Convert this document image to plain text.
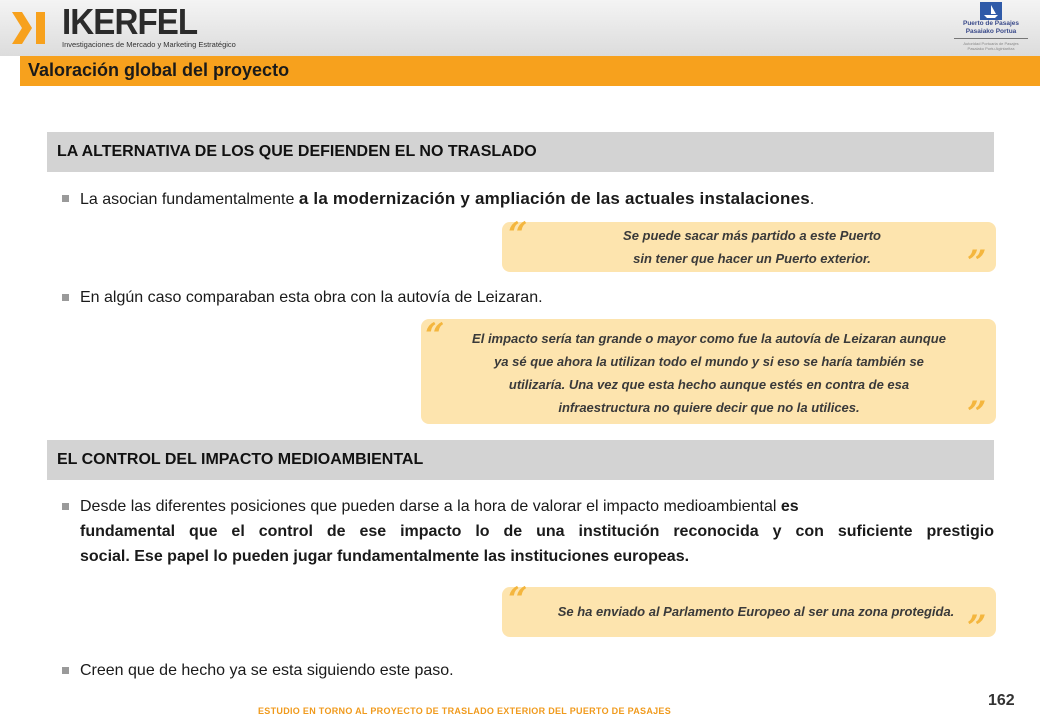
IKERFEL
Investigaciones de Mercado y Marketing Estratégico
Puerto de Pasajes
Pasaiako Portua
Autoridad Portuaria de Pasajes
Pasaiako Portu Agintaritza
Valoración global del proyecto
LA ALTERNATIVA DE LOS QUE DEFIENDEN EL NO TRASLADO
La asocian fundamentalmente a la modernización y ampliación de las actuales instalaciones.
“
”
Se puede sacar más partido a este Puerto
sin tener que hacer un Puerto exterior.
En algún caso comparaban esta obra con la autovía de Leizaran.
“
”
El impacto sería tan grande o mayor como fue la autovía de Leizaran aunque
ya sé que ahora la utilizan todo el mundo y si eso se haría también se
utilizaría. Una vez que esta hecho aunque estés en contra de esa
infraestructura no quiere decir que no la utilices.
EL CONTROL DEL IMPACTO MEDIOAMBIENTAL
Desde las diferentes posiciones que pueden darse a la hora de valorar el impacto medioambiental es
fundamental que el control de ese impacto lo de una institución reconocida y con suficiente prestigio
social. Ese papel lo pueden jugar fundamentalmente las instituciones europeas.
“
”
Se ha enviado al Parlamento Europeo al ser una zona protegida.
Creen que de hecho ya se esta siguiendo este paso.
162
ESTUDIO EN TORNO AL PROYECTO DE TRASLADO EXTERIOR DEL PUERTO DE PASAJES
